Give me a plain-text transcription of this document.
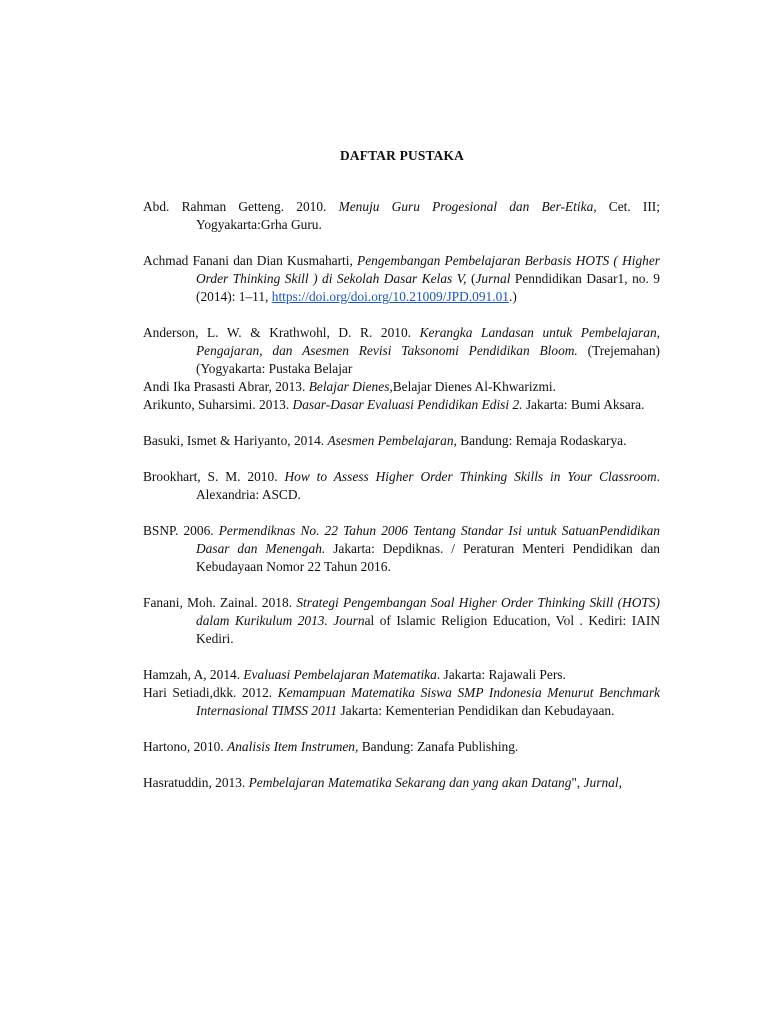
DAFTAR PUSTAKA

Abd. Rahman Getteng. 2010. Menuju Guru Progesional dan Ber-Etika, Cet. III; Yogyakarta:Grha Guru.

Achmad Fanani dan Dian Kusmaharti, Pengembangan Pembelajaran Berbasis HOTS ( Higher Order Thinking Skill ) di Sekolah Dasar Kelas V, (Jurnal Penndidikan Dasar1, no. 9 (2014): 1–11, https://doi.org/doi.org/10.21009/JPD.091.01.)

Anderson, L. W. & Krathwohl, D. R. 2010. Kerangka Landasan untuk Pembelajaran, Pengajaran, dan Asesmen Revisi Taksonomi Pendidikan Bloom. (Trejemahan) (Yogyakarta: Pustaka Belajar

Andi Ika Prasasti Abrar, 2013. Belajar Dienes,Belajar Dienes Al-Khwarizmi.

Arikunto, Suharsimi. 2013. Dasar-Dasar Evaluasi Pendidikan Edisi 2. Jakarta: Bumi Aksara.

Basuki, Ismet & Hariyanto, 2014. Asesmen Pembelajaran, Bandung: Remaja Rodaskarya.

Brookhart, S. M. 2010. How to Assess Higher Order Thinking Skills in Your Classroom. Alexandria: ASCD.

BSNP. 2006. Permendiknas No. 22 Tahun 2006 Tentang Standar Isi untuk SatuanPendidikan Dasar dan Menengah. Jakarta: Depdiknas. / Peraturan Menteri Pendidikan dan Kebudayaan Nomor 22 Tahun 2016.

Fanani, Moh. Zainal. 2018. Strategi Pengembangan Soal Higher Order Thinking Skill (HOTS) dalam Kurikulum 2013. Journal of Islamic Religion Education, Vol . Kediri: IAIN Kediri.

Hamzah, A, 2014. Evaluasi Pembelajaran Matematika. Jakarta: Rajawali Pers.

Hari Setiadi,dkk. 2012. Kemampuan Matematika Siswa SMP Indonesia Menurut Benchmark Internasional TIMSS 2011 Jakarta: Kementerian Pendidikan dan Kebudayaan.

Hartono, 2010. Analisis Item Instrumen, Bandung: Zanafa Publishing.

Hasratuddin, 2013. Pembelajaran Matematika Sekarang dan yang akan Datang", Jurnal,
